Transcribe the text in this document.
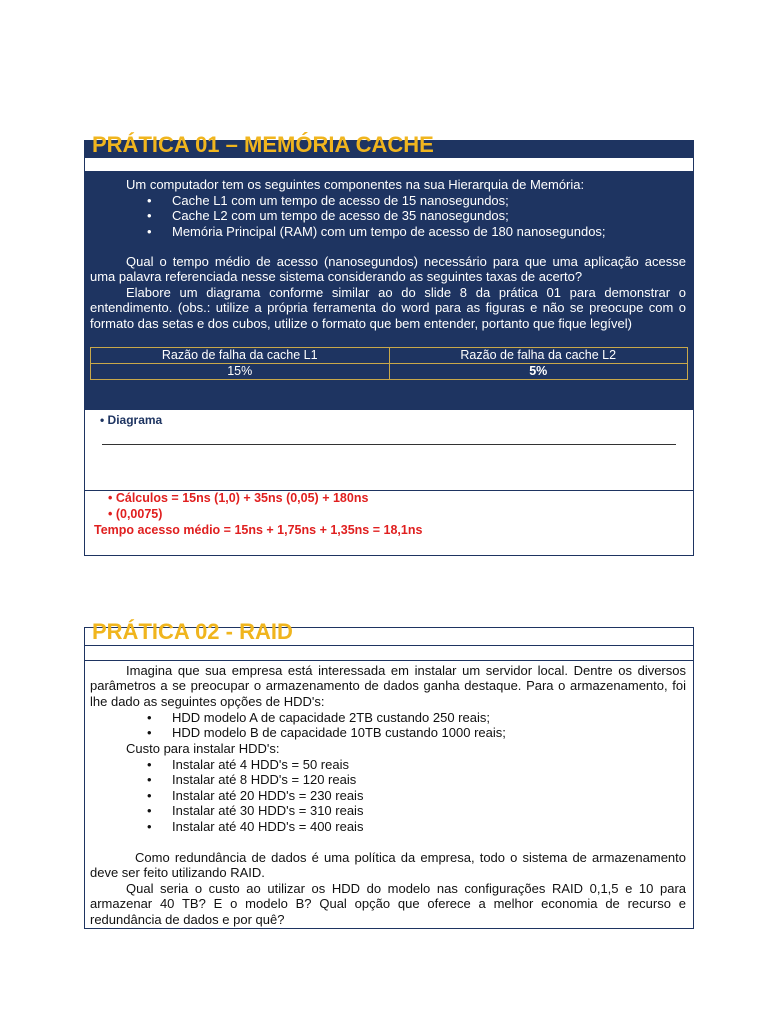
PRÁTICA 01 – MEMÓRIA CACHE
Um computador tem os seguintes componentes na sua Hierarquia de Memória:
• Cache L1 com um tempo de acesso de 15 nanosegundos;
• Cache L2 com um tempo de acesso de 35 nanosegundos;
• Memória Principal (RAM) com um tempo de acesso de 180 nanosegundos;
Qual o tempo médio de acesso (nanosegundos) necessário para que uma aplicação acesse uma palavra referenciada nesse sistema considerando as seguintes taxas de acerto?
Elabore um diagrama conforme similar ao do slide 8 da prática 01 para demonstrar o entendimento. (obs.: utilize a própria ferramenta do word para as figuras e não se preocupe com o formato das setas e dos cubos, utilize o formato que bem entender, portanto que fique legível)
Razão de falha da cache L1	Razão de falha da cache L2
15%	5%
• Diagrama
• Cálculos = 15ns (1,0) + 35ns (0,05) + 180ns
• (0,0075)
Tempo acesso médio = 15ns + 1,75ns + 1,35ns = 18,1ns
PRÁTICA 02 - RAID
Imagina que sua empresa está interessada em instalar um servidor local. Dentre os diversos parâmetros a se preocupar o armazenamento de dados ganha destaque. Para o armazenamento, foi lhe dado as seguintes opções de HDD's:
• HDD modelo A de capacidade 2TB custando 250 reais;
• HDD modelo B de capacidade 10TB custando 1000 reais;
Custo para instalar HDD's:
• Instalar até 4 HDD's = 50 reais
• Instalar até 8 HDD's = 120 reais
• Instalar até 20 HDD's = 230 reais
• Instalar até 30 HDD's = 310 reais
• Instalar até 40 HDD's = 400 reais
Como redundância de dados é uma política da empresa, todo o sistema de armazenamento deve ser feito utilizando RAID.
Qual seria o custo ao utilizar os HDD do modelo nas configurações RAID 0,1,5 e 10 para armazenar 40 TB? E o modelo B? Qual opção que oferece a melhor economia de recurso e redundância de dados e por quê?
